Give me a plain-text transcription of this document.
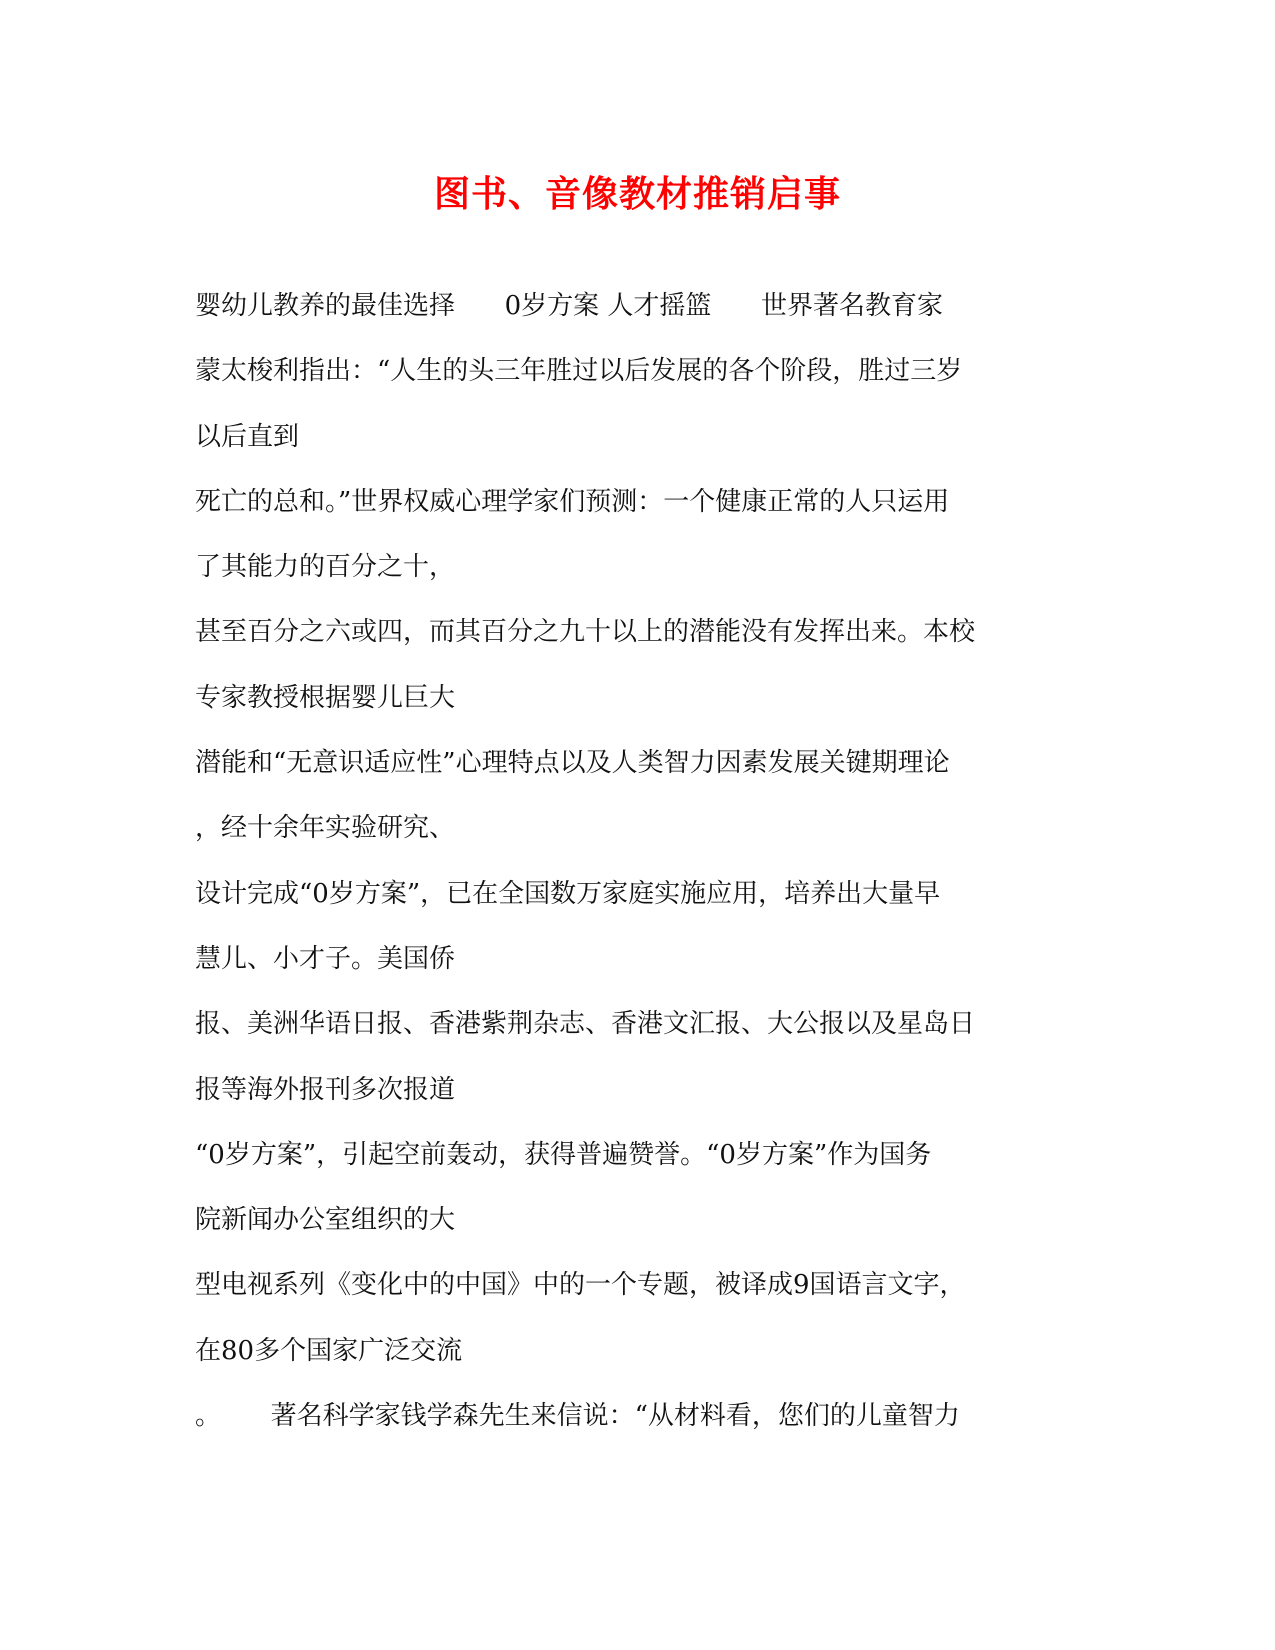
图书、音像教材推销启事
婴幼儿教养的最佳选择      0岁方案 人才摇篮      世界著名教育家
蒙太梭利指出：“人生的头三年胜过以后发展的各个阶段，胜过三岁
以后直到
死亡的总和。”世界权威心理学家们预测：一个健康正常的人只运用
了其能力的百分之十，
甚至百分之六或四，而其百分之九十以上的潜能没有发挥出来。本校
专家教授根据婴儿巨大
潜能和“无意识适应性”心理特点以及人类智力因素发展关键期理论
，经十余年实验研究、
设计完成“0岁方案”，已在全国数万家庭实施应用，培养出大量早
慧儿、小才子。美国侨
报、美洲华语日报、香港紫荆杂志、香港文汇报、大公报以及星岛日
报等海外报刊多次报道
“0岁方案”，引起空前轰动，获得普遍赞誉。“0岁方案”作为国务
院新闻办公室组织的大
型电视系列《变化中的中国》中的一个专题，被译成9国语言文字，
在80多个国家广泛交流
。      著名科学家钱学森先生来信说：“从材料看，您们的儿童智力
